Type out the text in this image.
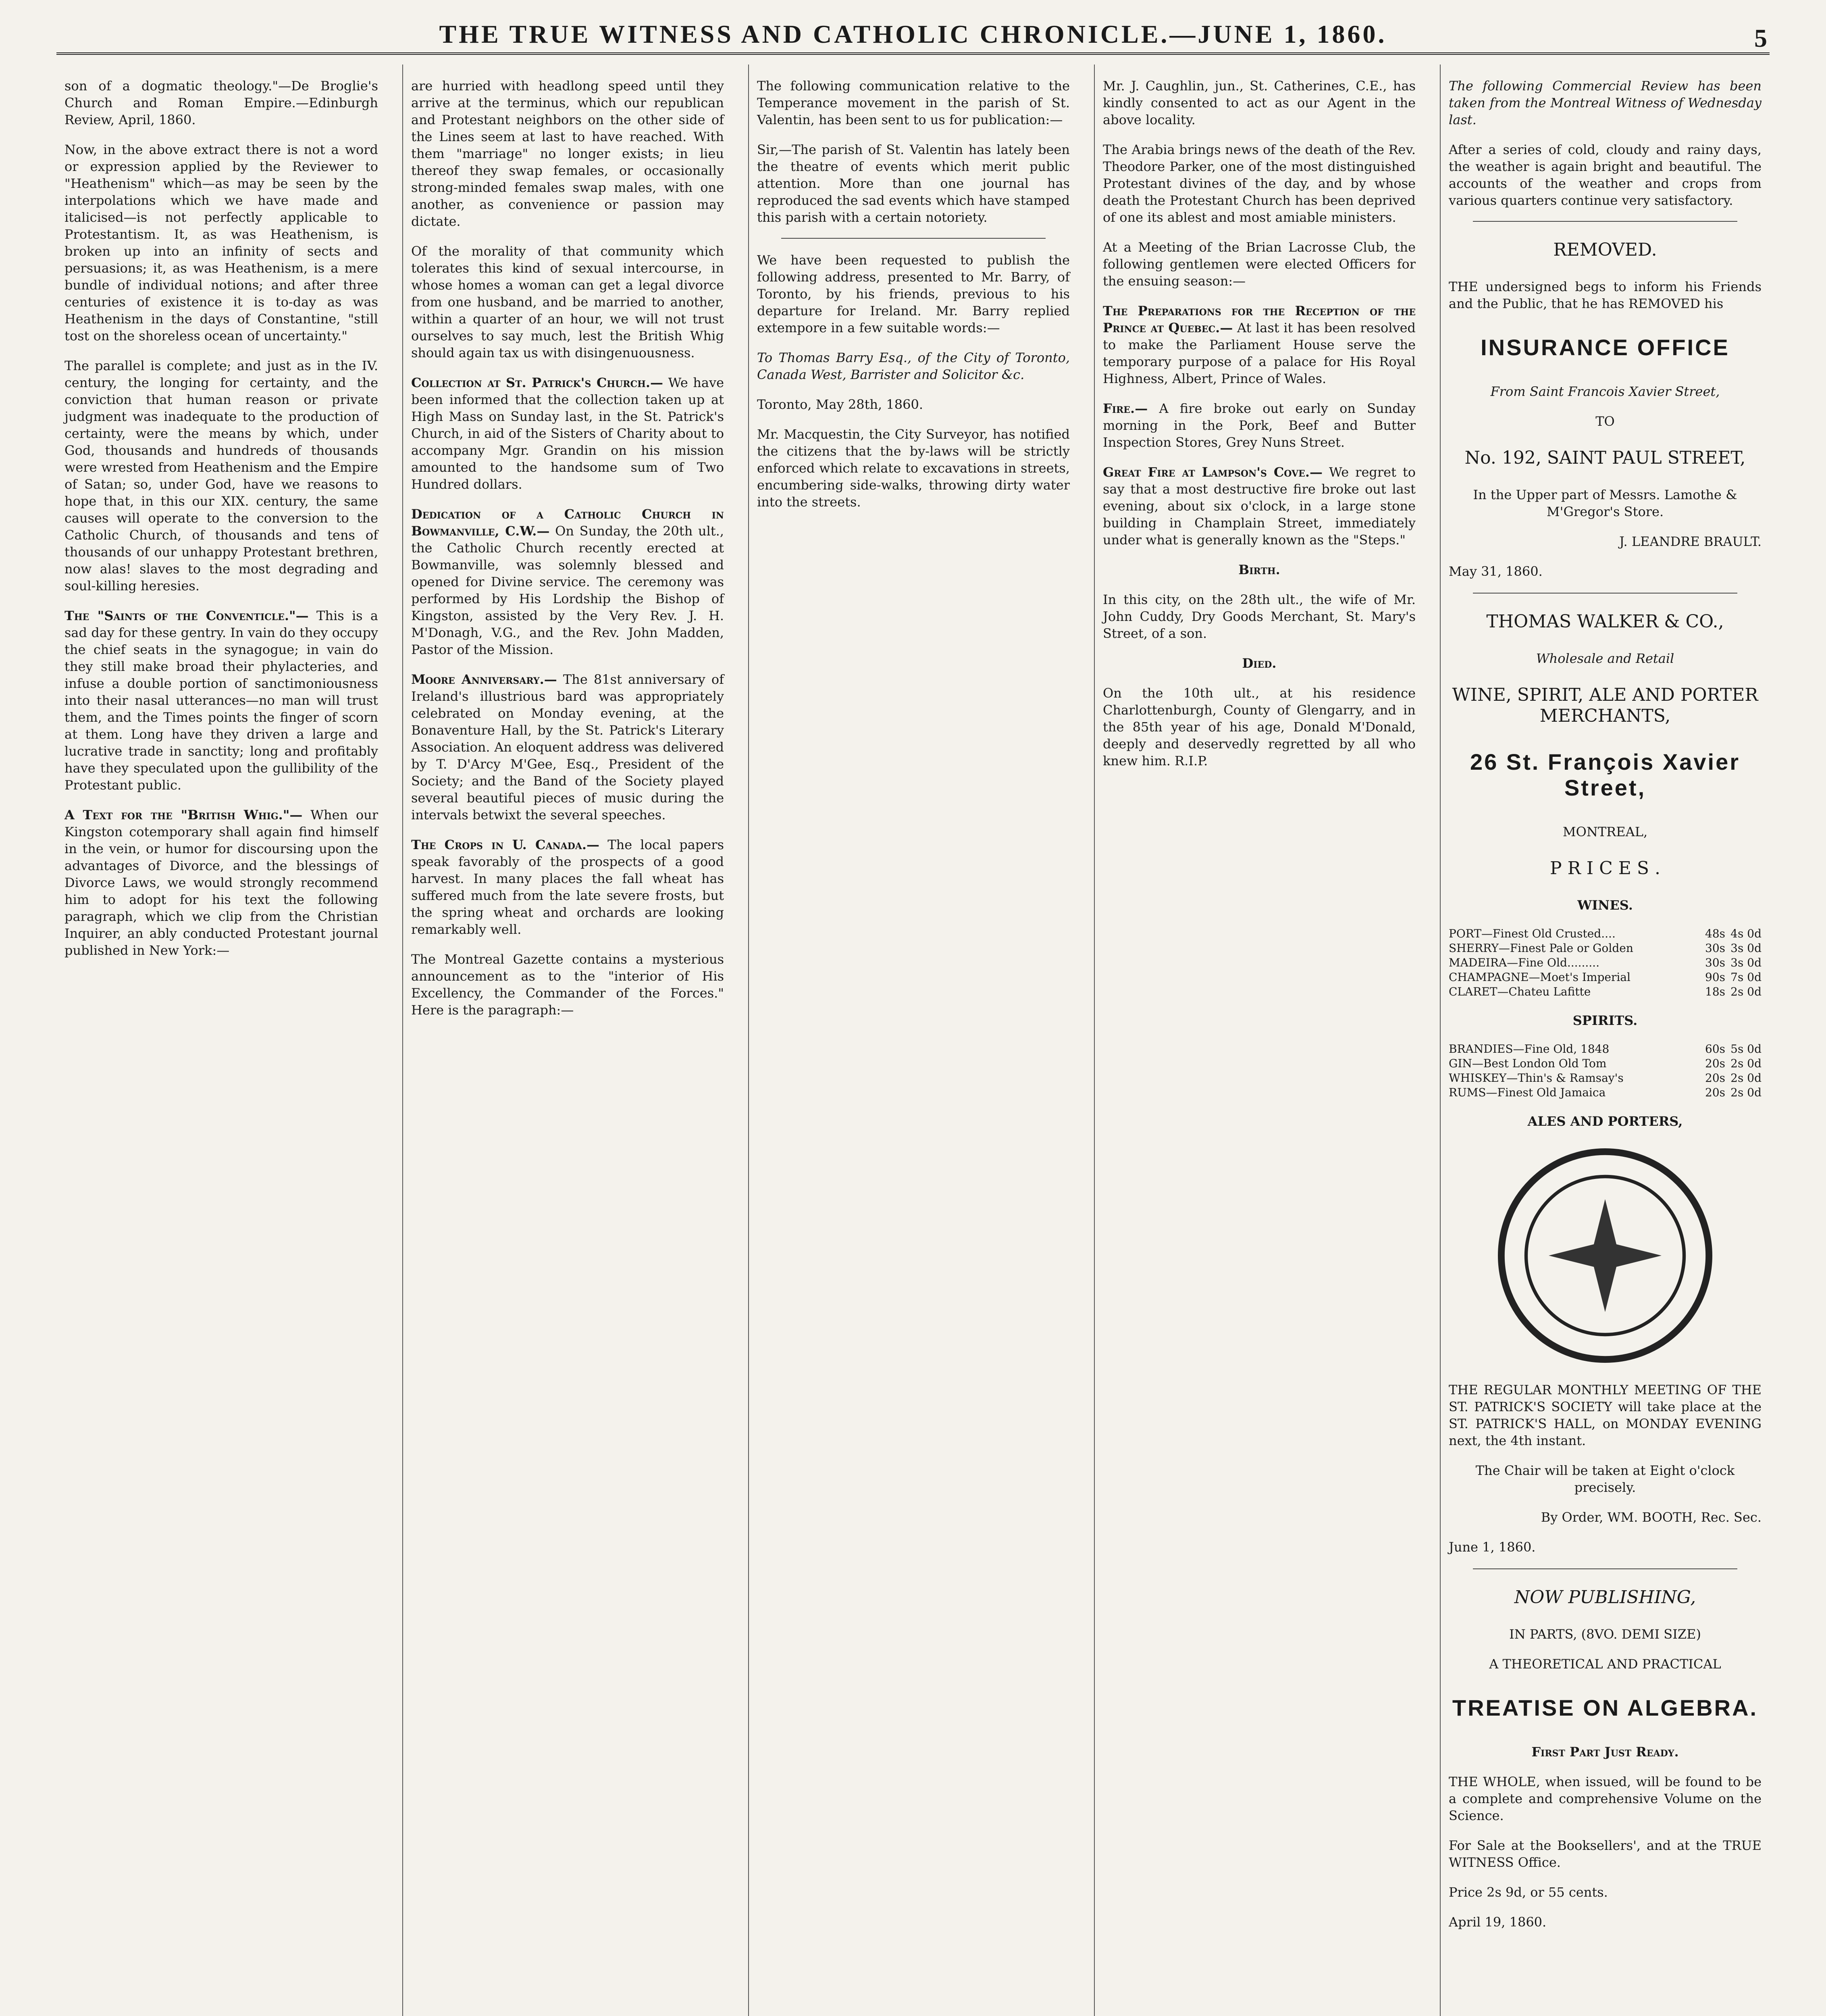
THE TRUE WITNESS AND CATHOLIC CHRONICLE.—JUNE 1, 1860.	5

son of a dogmatic theology."—De Broglie's Church and Roman Empire.—Edinburgh Review, April, 1860.

Now, in the above extract there is not a word or expression applied by the Reviewer to "Heathenism" which—as may be seen by the interpolations which we have made and italicised—is not perfectly applicable to Protestantism. It, as was Heathenism, is broken up into an infinity of sects and persuasions; it, as was Heathenism, is a mere bundle of individual notions; and after three centuries of existence it is to-day as was Heathenism in the days of Constantine, "still tost on the shoreless ocean of uncertainty."

The parallel is complete; and just as in the IV. century, the longing for certainty, and the conviction that human reason or private judgment was inadequate to the production of certainty, were the means by which, under God, thousands and hundreds of thousands were wrested from Heathenism and the Empire of Satan; so, under God, have we reasons to hope that, in this our XIX. century, the same causes will operate to the conversion to the Catholic Church, of thousands and tens of thousands of our unhappy Protestant brethren, now alas! slaves to the most degrading and soul-killing heresies.

The "Saints of the Conventicle."— This is a sad day for these gentry. In vain do they occupy the chief seats in the synagogue; in vain do they still make broad their phylacteries, and infuse a double portion of sanctimoniousness into their nasal utterances—no man will trust them, and the Times points the finger of scorn at them. Long have they driven a large and lucrative trade in sanctity; long and profitably have they speculated upon the gullibility of the Protestant public.

A Text for the "British Whig."— When our Kingston cotemporary shall again find himself in the vein, or humor for discoursing upon the advantages of Divorce, and the blessings of Divorce Laws, we would strongly recommend him to adopt for his text the following paragraph, which we clip from the Christian Inquirer, an ably conducted Protestant journal published in New York:—

are hurried with headlong speed until they arrive at the terminus, which our republican and Protestant neighbors on the other side of the Lines seem at last to have reached. With them "marriage" no longer exists; in lieu thereof they swap females, or occasionally strong-minded females swap males, with one another, as convenience or passion may dictate.

Of the morality of that community which tolerates this kind of sexual intercourse, in whose homes a woman can get a legal divorce from one husband, and be married to another, within a quarter of an hour, we will not trust ourselves to say much, lest the British Whig should again tax us with disingenuousness.

Collection at St. Patrick's Church.— We have been informed that the collection taken up at High Mass on Sunday last, in the St. Patrick's Church, in aid of the Sisters of Charity about to accompany Mgr. Grandin on his mission amounted to the handsome sum of Two Hundred dollars.

Dedication of a Catholic Church in Bowmanville, C.W.— On Sunday, the 20th ult., the Catholic Church recently erected at Bowmanville, was solemnly blessed and opened for Divine service. The ceremony was performed by His Lordship the Bishop of Kingston, assisted by the Very Rev. J. H. M'Donagh, V.G., and the Rev. John Madden, Pastor of the Mission.

Moore Anniversary.— The 81st anniversary of Ireland's illustrious bard was appropriately celebrated on Monday evening, at the Bonaventure Hall, by the St. Patrick's Literary Association. An eloquent address was delivered by T. D'Arcy M'Gee, Esq., President of the Society; and the Band of the Society played several beautiful pieces of music during the intervals betwixt the several speeches.

The Crops in U. Canada.— The local papers speak favorably of the prospects of a good harvest. In many places the fall wheat has suffered much from the late severe frosts, but the spring wheat and orchards are looking remarkably well.

The Montreal Gazette contains a mysterious announcement as to the "interior of His Excellency, the Commander of the Forces." Here is the paragraph:—

The following communication relative to the Temperance movement in the parish of St. Valentin, has been sent to us for publication:—

Sir,—The parish of St. Valentin has lately been the theatre of events which merit public attention. More than one journal has reproduced the sad events which have stamped this parish with a certain notoriety.

We have been requested to publish the following address, presented to Mr. Barry, of Toronto, by his friends, previous to his departure for Ireland. Mr. Barry replied extempore in a few suitable words:—

To Thomas Barry Esq., of the City of Toronto, Canada West, Barrister and Solicitor &c.

Toronto, May 28th, 1860.

Mr. Macquestin, the City Surveyor, has notified the citizens that the by-laws will be strictly enforced which relate to excavations in streets, encumbering side-walks, throwing dirty water into the streets.

Mr. J. Caughlin, jun., St. Catherines, C.E., has kindly consented to act as our Agent in the above locality.

The Arabia brings news of the death of the Rev. Theodore Parker, one of the most distinguished Protestant divines of the day, and by whose death the Protestant Church has been deprived of one its ablest and most amiable ministers.

At a Meeting of the Brian Lacrosse Club, the following gentlemen were elected Officers for the ensuing season:—

The Preparations for the Reception of the Prince at Quebec.— At last it has been resolved to make the Parliament House serve the temporary purpose of a palace for His Royal Highness, Albert, Prince of Wales.

Fire.— A fire broke out early on Sunday morning in the Pork, Beef and Butter Inspection Stores, Grey Nuns Street.

Great Fire at Lampson's Cove.— We regret to say that a most destructive fire broke out last evening, about six o'clock, in a large stone building in Champlain Street, immediately under what is generally known as the "Steps."

Birth.

In this city, on the 28th ult., the wife of Mr. John Cuddy, Dry Goods Merchant, St. Mary's Street, of a son.

Died.

On the 10th ult., at his residence Charlottenburgh, County of Glengarry, and in the 85th year of his age, Donald M'Donald, deeply and deservedly regretted by all who knew him. R.I.P.

The following Commercial Review has been taken from the Montreal Witness of Wednesday last.

After a series of cold, cloudy and rainy days, the weather is again bright and beautiful. The accounts of the weather and crops from various quarters continue very satisfactory.

REMOVED.

THE undersigned begs to inform his Friends and the Public, that he has REMOVED his

INSURANCE OFFICE

From Saint Francois Xavier Street,

TO

No. 192, SAINT PAUL STREET,

In the Upper part of Messrs. Lamothe & M'Gregor's Store.

J. LEANDRE BRAULT.

May 31, 1860.

THOMAS WALKER & CO.,

Wholesale and Retail

WINE, SPIRIT, ALE AND PORTER MERCHANTS,

26 St. François Xavier Street,

MONTREAL,

P R I C E S .

WINES.

PORT—Finest Old Crusted....	48s	4s 0d
SHERRY—Finest Pale or Golden	30s	3s 0d
MADEIRA—Fine Old.........	30s	3s 0d
CHAMPAGNE—Moet's Imperial	90s	7s 0d
CLARET—Chateu Lafitte	18s	2s 0d

SPIRITS.

BRANDIES—Fine Old, 1848	60s	5s 0d
GIN—Best London Old Tom	20s	2s 0d
WHISKEY—Thin's & Ramsay's	20s	2s 0d
RUMS—Finest Old Jamaica	20s	2s 0d

ALES AND PORTERS,

THE REGULAR MONTHLY MEETING OF THE ST. PATRICK'S SOCIETY will take place at the ST. PATRICK'S HALL, on MONDAY EVENING next, the 4th instant.

The Chair will be taken at Eight o'clock precisely.

By Order, WM. BOOTH, Rec. Sec.

June 1, 1860.

NOW PUBLISHING,

IN PARTS, (8VO. DEMI SIZE)

A THEORETICAL AND PRACTICAL

TREATISE ON ALGEBRA.

First Part Just Ready.

THE WHOLE, when issued, will be found to be a complete and comprehensive Volume on the Science.

For Sale at the Booksellers', and at the TRUE WITNESS Office.

Price 2s 9d, or 55 cents.

April 19, 1860.
